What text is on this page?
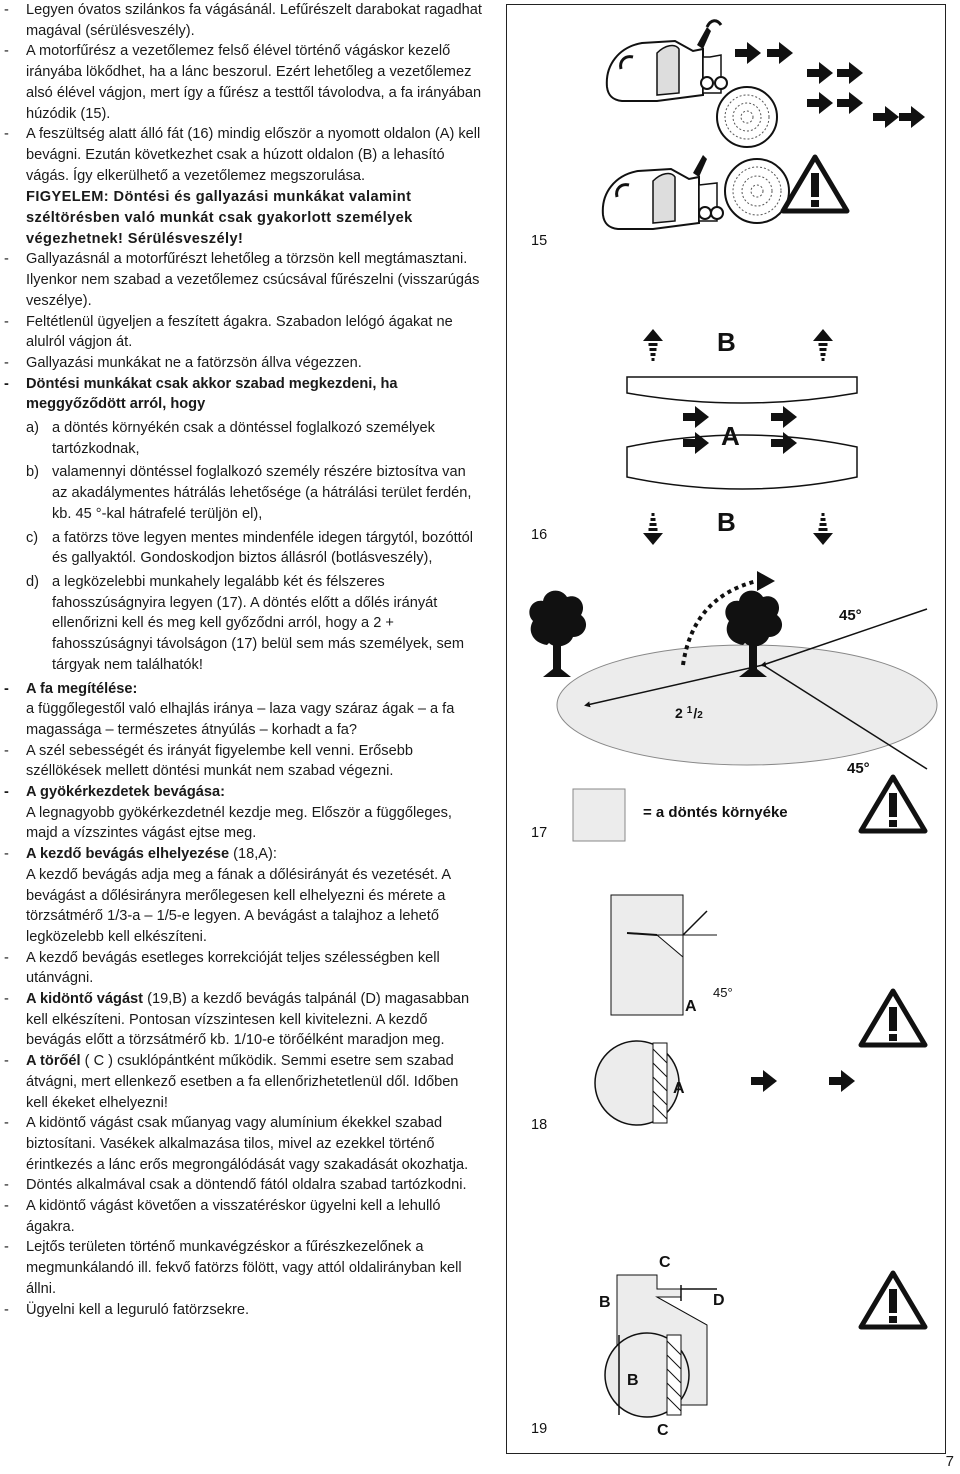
- Legyen óvatos szilánkos fa vágásánál. Lefűrészelt darabokat ragadhat magával (sérülésveszély).
- A motorfűrész a vezetőlemez felső élével történő vágáskor kezelő irányába lökődhet, ha a lánc beszorul. Ezért lehetőleg a vezetőlemez alsó élével vágjon, mert így a fűrész a testtől távolodva, a fa irányában húzódik (15).
- A feszültség alatt álló fát (16) mindig először a nyomott oldalon (A) kell bevágni. Ezután következhet csak a húzott oldalon (B) a lehasító vágás. Így elkerülhető a vezetőlemez megszorulása.
FIGYELEM: Döntési és gallyazási munkákat valamint széltörésben való munkát csak gyakorlott személyek végezhetnek! Sérülésveszély!
- Gallyazásnál a motorfűrészt lehetőleg a törzsön kell megtámasztani. Ilyenkor nem szabad a vezetőlemez csúcsával fűrészelni (visszarúgás veszélye).
- Feltétlenül ügyeljen a feszített ágakra. Szabadon lelógó ágakat ne alulról vágjon át.
- Gallyazási munkákat ne a fatörzsön állva végezzen.
- Döntési munkákat csak akkor szabad megkezdeni, ha meggyőződött arról, hogy
a) a döntés környékén csak a döntéssel foglalkozó személyek tartózkodnak,
b) valamennyi döntéssel foglalkozó személy részére biztosítva van az akadálymentes hátrálás lehetősége (a hátrálási terület ferdén, kb. 45 °-kal hátrafelé terüljön el),
c) a fatörzs töve legyen mentes mindenféle idegen tárgytól, bozóttól és gallyaktól. Gondoskodjon biztos állásról (botlásveszély),
d) a legközelebbi munkahely legalább két és félszeres fahosszúságnyira legyen (17). A döntés előtt a dőlés irányát ellenőrizni kell és meg kell győződni arról, hogy a 2 + fahosszúságnyi távolságon (17) belül sem más személyek, sem tárgyak nem találhatók!
- A fa megítélése:
a függőlegestől való elhajlás iránya – laza vagy száraz ágak – a fa magassága – természetes átnyúlás – korhadt a fa?
- A szél sebességét és irányát figyelembe kell venni. Erősebb széllökések mellett döntési munkát nem szabad végezni.
- A gyökérkezdetek bevágása:
A legnagyobb gyökérkezdetnél kezdje meg. Először a függőleges, majd a vízszintes vágást ejtse meg.
- A kezdő bevágás elhelyezése (18,A):
A kezdő bevágás adja meg a fának a dőlésirányát és vezetését. A bevágást a dőlésirányra merőlegesen kell elhelyezni és mérete a törzsátmérő 1/3-a – 1/5-e legyen. A bevágást a talajhoz a lehető legközelebb kell elkészíteni.
- A kezdő bevágás esetleges korrekcióját teljes szélességben kell utánvágni.
- A kidöntő vágást (19,B) a kezdő bevágás talpánál (D) magasabban kell elkészíteni. Pontosan vízszintesen kell kivitelezni. A kezdő bevágás előtt a törzsátmérő kb. 1/10-e törőélként maradjon meg.
- A törőél ( C ) csuklópántként működik. Semmi esetre sem szabad átvágni, mert ellenkező esetben a fa ellenőrizhetetlenül dől. Időben kell ékeket elhelyezni!
- A kidöntő vágást csak műanyag vagy alumínium ékekkel szabad biztosítani. Vasékek alkalmazása tilos, mivel az ezekkel történő érintkezés a lánc erős megrongálódását vagy szakadását okozhatja.
- Döntés alkalmával csak a döntendő fától oldalra szabad tartózkodni.
- A kidöntő vágást követően a visszatéréskor ügyelni kell a lehulló ágakra.
- Lejtős területen történő munkavégzéskor a fűrészkezelőnek a megmunkálandó ill. fekvő fatörzs fölött, vagy attól oldalirányban kell állni.
- Ügyelni kell a leguruló fatörzsekre.
15
B
A
B
16
45°
45°
2 $^1$/2
= a döntés környéke
17
A
45°
A
18
C
B	D
B
C
19
7
